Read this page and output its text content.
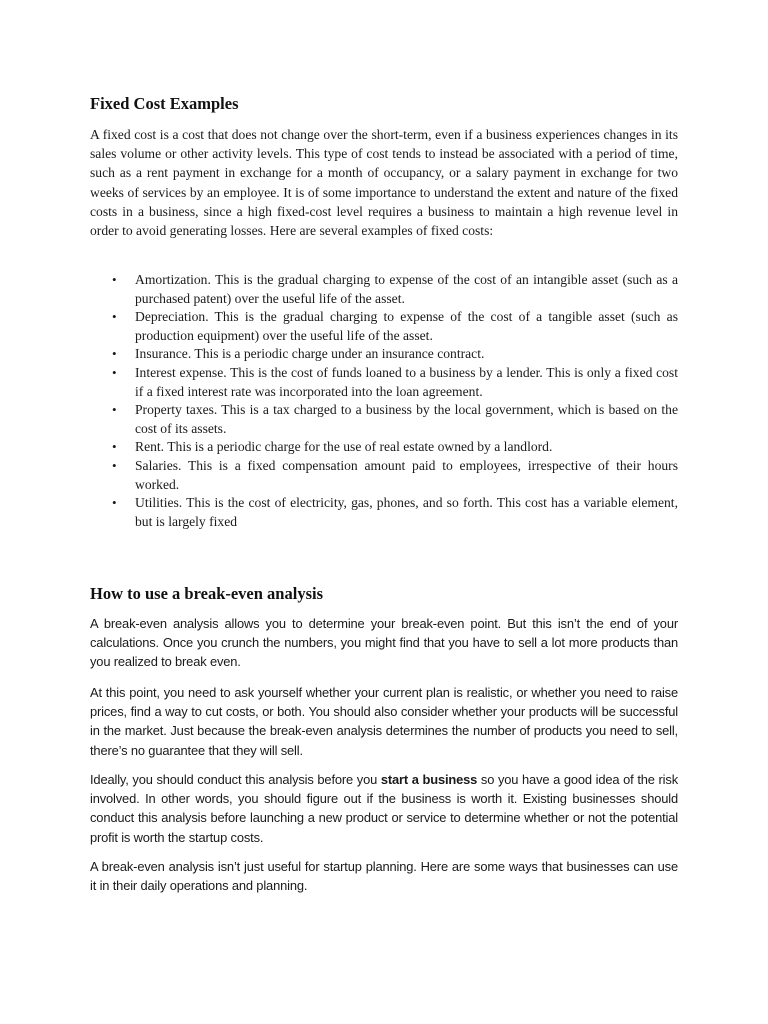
Fixed Cost Examples

A fixed cost is a cost that does not change over the short-term, even if a business experiences changes in its sales volume or other activity levels. This type of cost tends to instead be associated with a period of time, such as a rent payment in exchange for a month of occupancy, or a salary payment in exchange for two weeks of services by an employee. It is of some importance to understand the extent and nature of the fixed costs in a business, since a high fixed-cost level requires a business to maintain a high revenue level in order to avoid generating losses. Here are several examples of fixed costs:

• Amortization. This is the gradual charging to expense of the cost of an intangible asset (such as a purchased patent) over the useful life of the asset.
• Depreciation. This is the gradual charging to expense of the cost of a tangible asset (such as production equipment) over the useful life of the asset.
• Insurance. This is a periodic charge under an insurance contract.
• Interest expense. This is the cost of funds loaned to a business by a lender. This is only a fixed cost if a fixed interest rate was incorporated into the loan agreement.
• Property taxes. This is a tax charged to a business by the local government, which is based on the cost of its assets.
• Rent. This is a periodic charge for the use of real estate owned by a landlord.
• Salaries. This is a fixed compensation amount paid to employees, irrespective of their hours worked.
• Utilities. This is the cost of electricity, gas, phones, and so forth. This cost has a variable element, but is largely fixed
How to use a break-even analysis

A break-even analysis allows you to determine your break-even point. But this isn’t the end of your calculations. Once you crunch the numbers, you might find that you have to sell a lot more products than you realized to break even.

At this point, you need to ask yourself whether your current plan is realistic, or whether you need to raise prices, find a way to cut costs, or both. You should also consider whether your products will be successful in the market. Just because the break-even analysis determines the number of products you need to sell, there’s no guarantee that they will sell.

Ideally, you should conduct this analysis before you start a business so you have a good idea of the risk involved. In other words, you should figure out if the business is worth it. Existing businesses should conduct this analysis before launching a new product or service to determine whether or not the potential profit is worth the startup costs.

A break-even analysis isn’t just useful for startup planning. Here are some ways that businesses can use it in their daily operations and planning.
